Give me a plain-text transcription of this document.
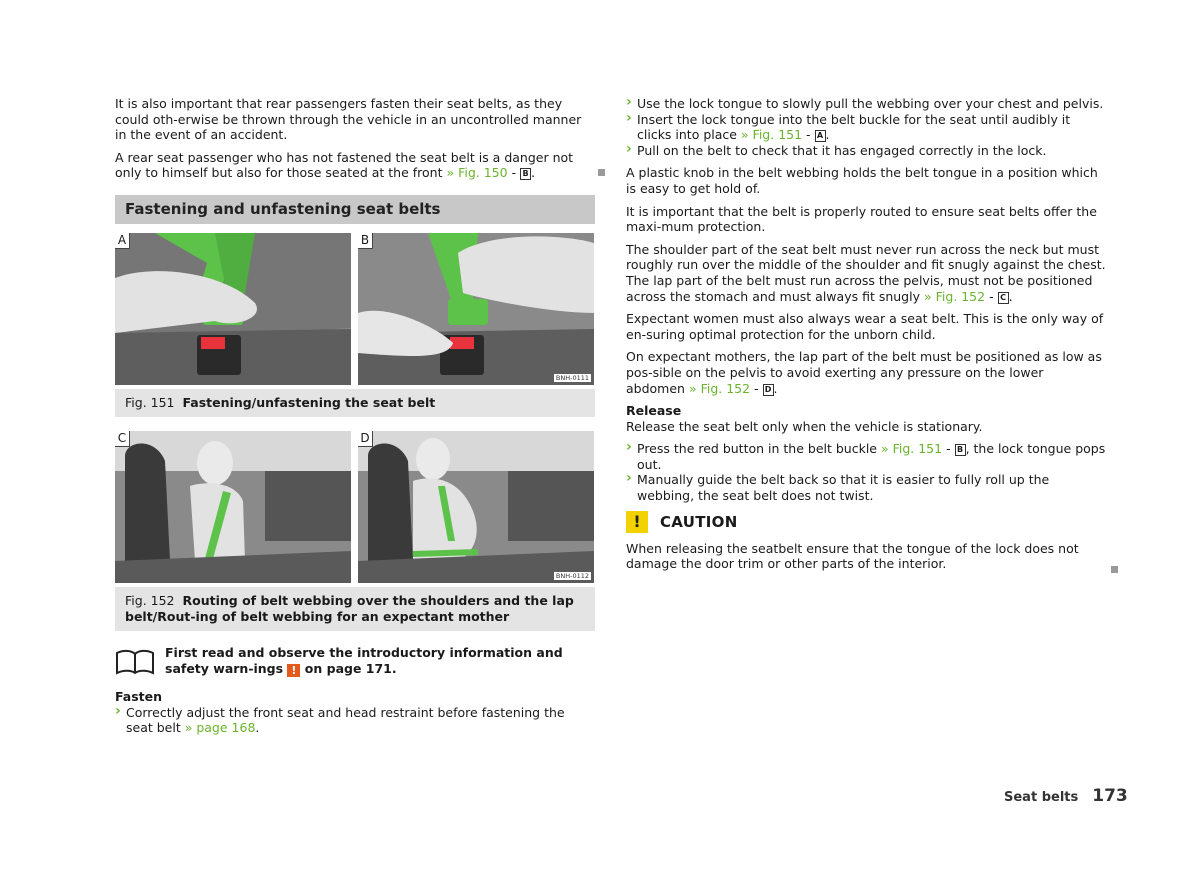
It is also important that rear passengers fasten their seat belts, as they could oth-erwise be thrown through the vehicle in an uncontrolled manner in the event of an accident.

A rear seat passenger who has not fastened the seat belt is a danger not only to himself but also for those seated at the front » Fig. 150 - B .

Fastening and unfastening seat belts
A	B
BNH-0111
Fig. 151 Fastening/unfastening the seat belt
C	D
BNH-0112
Fig. 152 Routing of belt webbing over the shoulders and the lap belt/Rout-ing of belt webbing for an expectant mother
First read and observe the introductory information and safety warn-ings ! on page 171.
Fasten
› Correctly adjust the front seat and head restraint before fastening the seat belt » page 168.
› Use the lock tongue to slowly pull the webbing over your chest and pelvis.
› Insert the lock tongue into the belt buckle for the seat until audibly it clicks into place » Fig. 151 - A .
› Pull on the belt to check that it has engaged correctly in the lock.

A plastic knob in the belt webbing holds the belt tongue in a position which is easy to get hold of.

It is important that the belt is properly routed to ensure seat belts offer the maxi-mum protection.

The shoulder part of the seat belt must never run across the neck but must roughly run over the middle of the shoulder and fit snugly against the chest. The lap part of the belt must run across the pelvis, must not be positioned across the stomach and must always fit snugly » Fig. 152 - C .

Expectant women must also always wear a seat belt. This is the only way of en-suring optimal protection for the unborn child.

On expectant mothers, the lap part of the belt must be positioned as low as pos-sible on the pelvis to avoid exerting any pressure on the lower abdomen » Fig. 152 - D .

Release

Release the seat belt only when the vehicle is stationary.

› Press the red button in the belt buckle » Fig. 151 - B , the lock tongue pops out.
› Manually guide the belt back so that it is easier to fully roll up the webbing, the seat belt does not twist.
!	CAUTION

When releasing the seatbelt ensure that the tongue of the lock does not damage the door trim or other parts of the interior.

Seat belts 173
